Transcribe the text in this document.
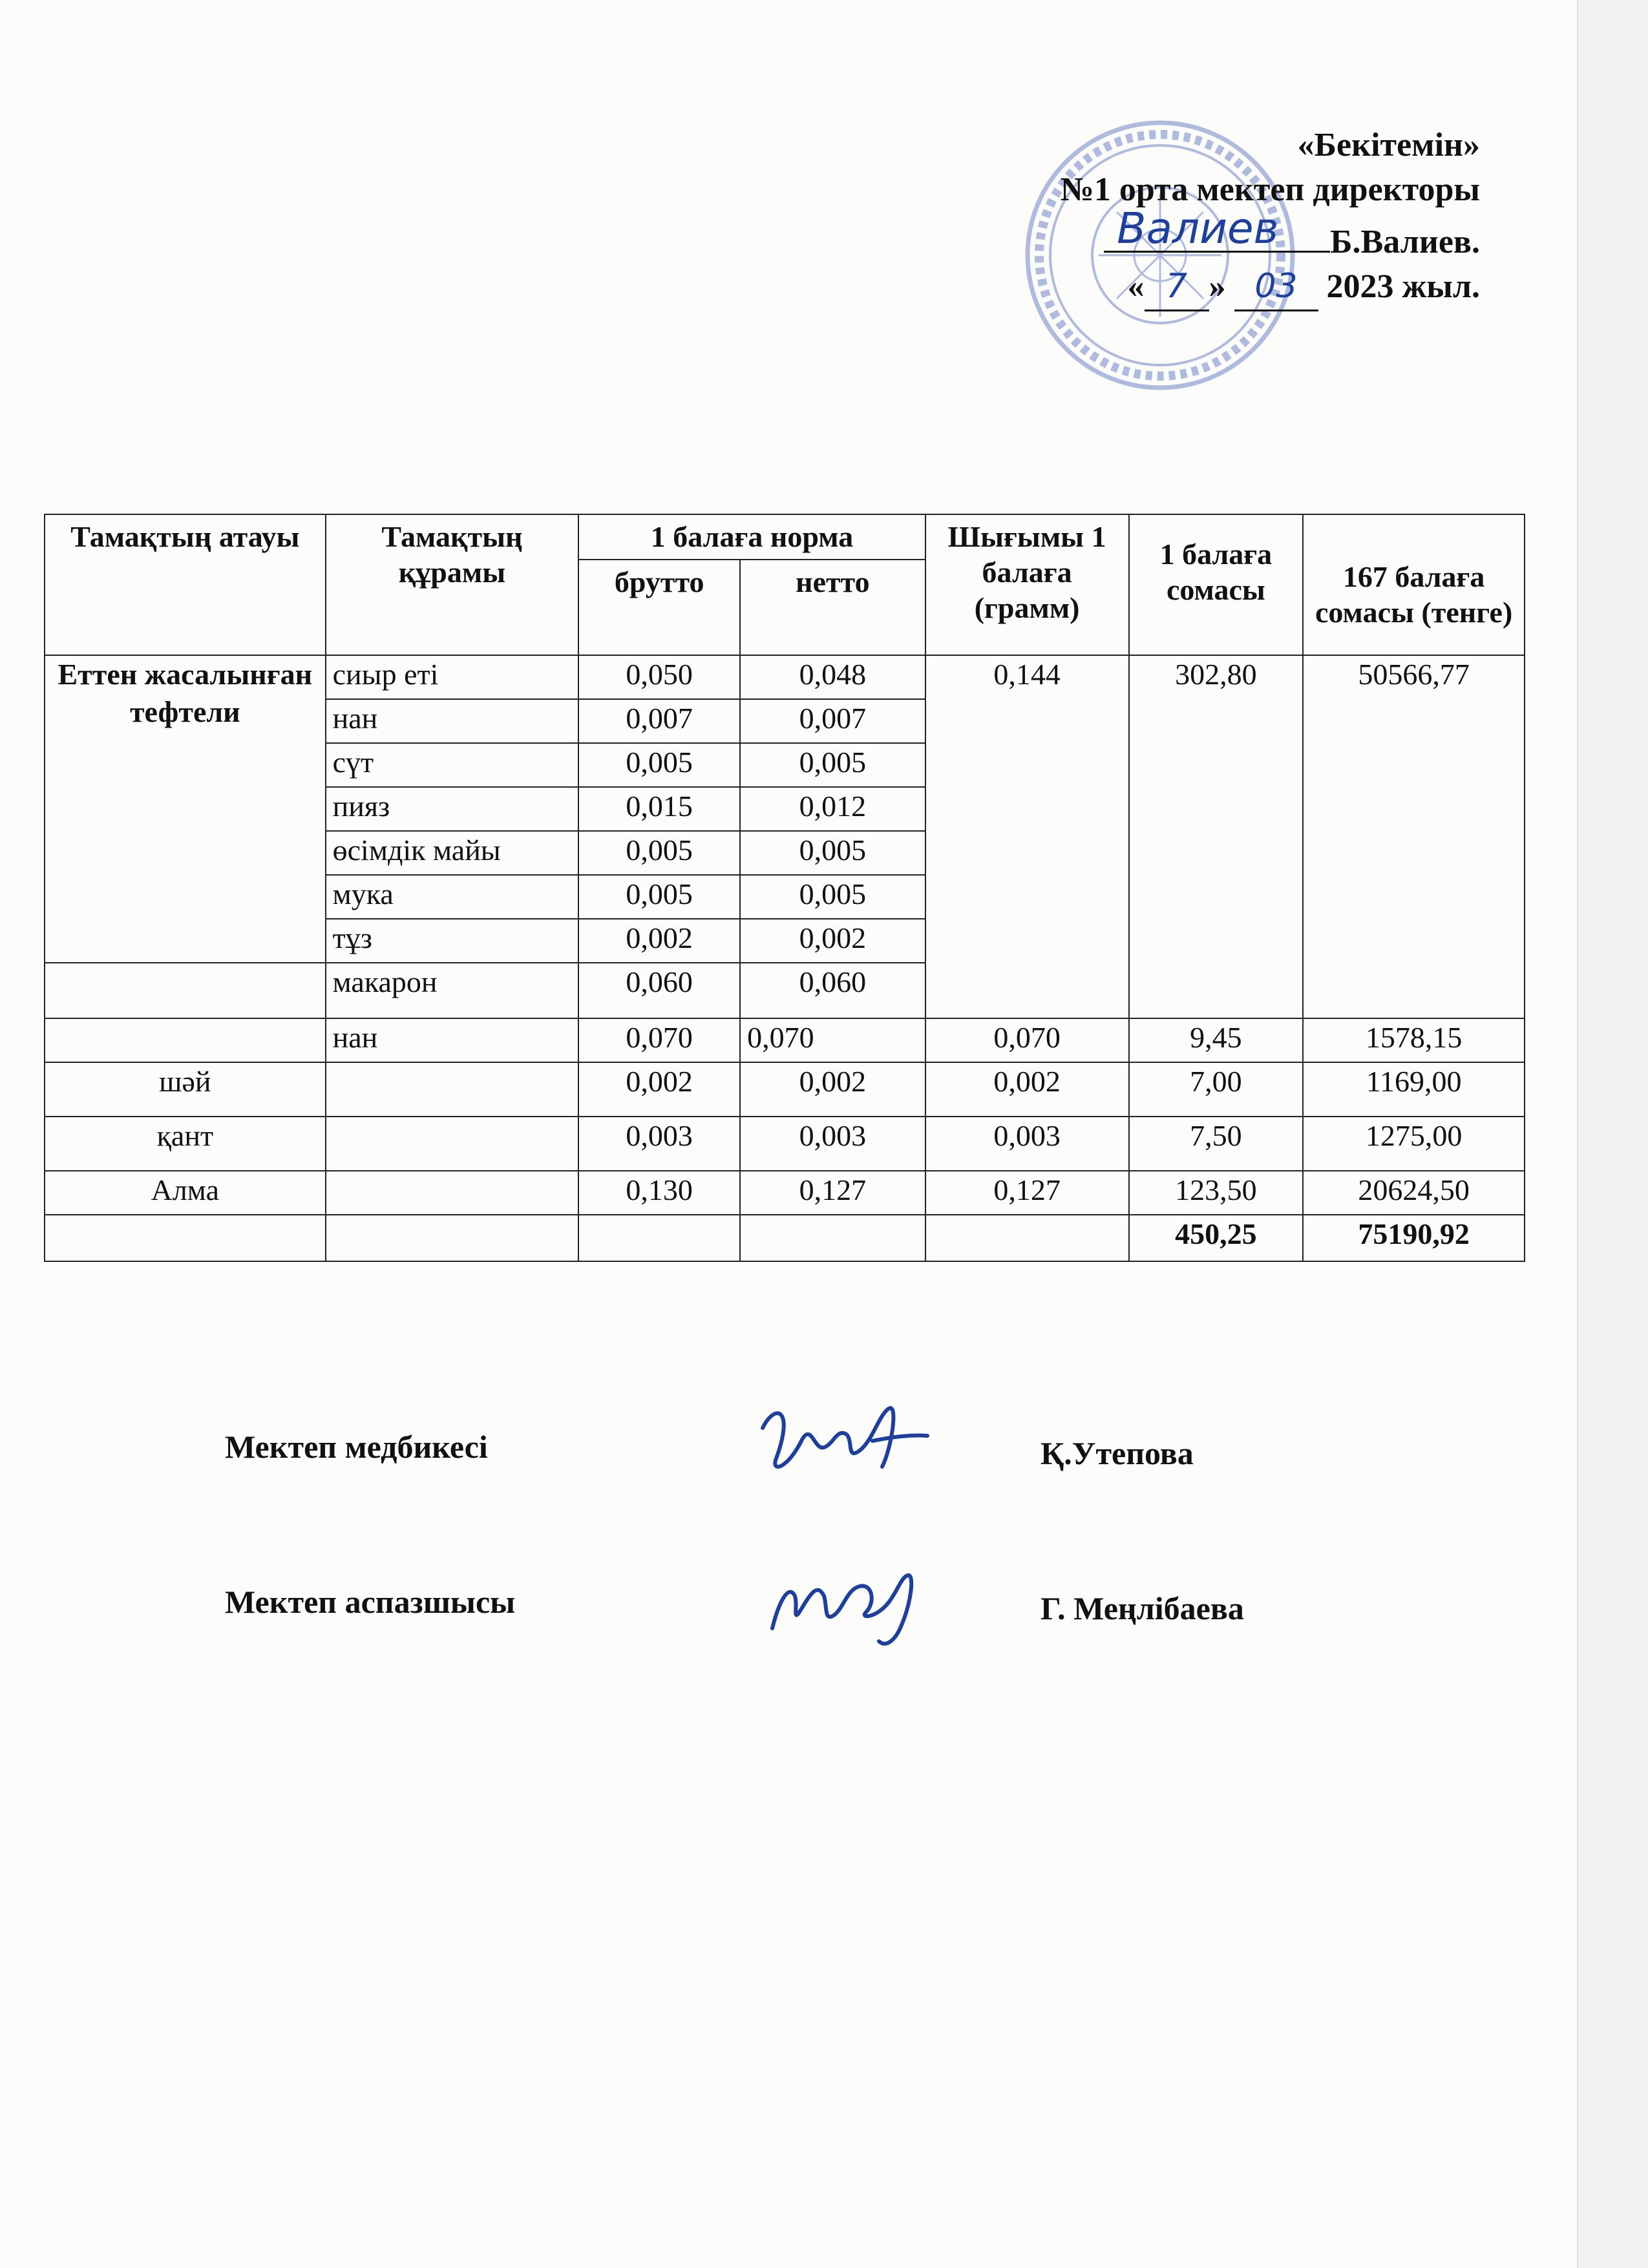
«Бекітемін»
№1 орта мектеп директоры
Валиев Б.Валиев.
« 7 » 03 2023 жыл.
Тамақтың атауы	Тамақтың құрамы	1 балаға норма		Шығымы 1 балаға (грамм)	1 балаға сомасы	167 балаға сомасы (тенге)
		брутто	нетто			
Еттен жасалынған тефтели	сиыр еті	0,050	0,048	0,144	302,80	50566,77
	нан	0,007	0,007			
	сүт	0,005	0,005			
	пияз	0,015	0,012			
	өсімдік майы	0,005	0,005			
	мука	0,005	0,005			
	тұз	0,002	0,002			
	макарон	0,060	0,060			
	нан	0,070	0,070	0,070	9,45	1578,15
шәй		0,002	0,002	0,002	7,00	1169,00
қант		0,003	0,003	0,003	7,50	1275,00
Алма		0,130	0,127	0,127	123,50	20624,50
					450,25	75190,92
Мектеп медбикесі	Қ.Утепова
Мектеп аспазшысы	Г. Меңлібаева
